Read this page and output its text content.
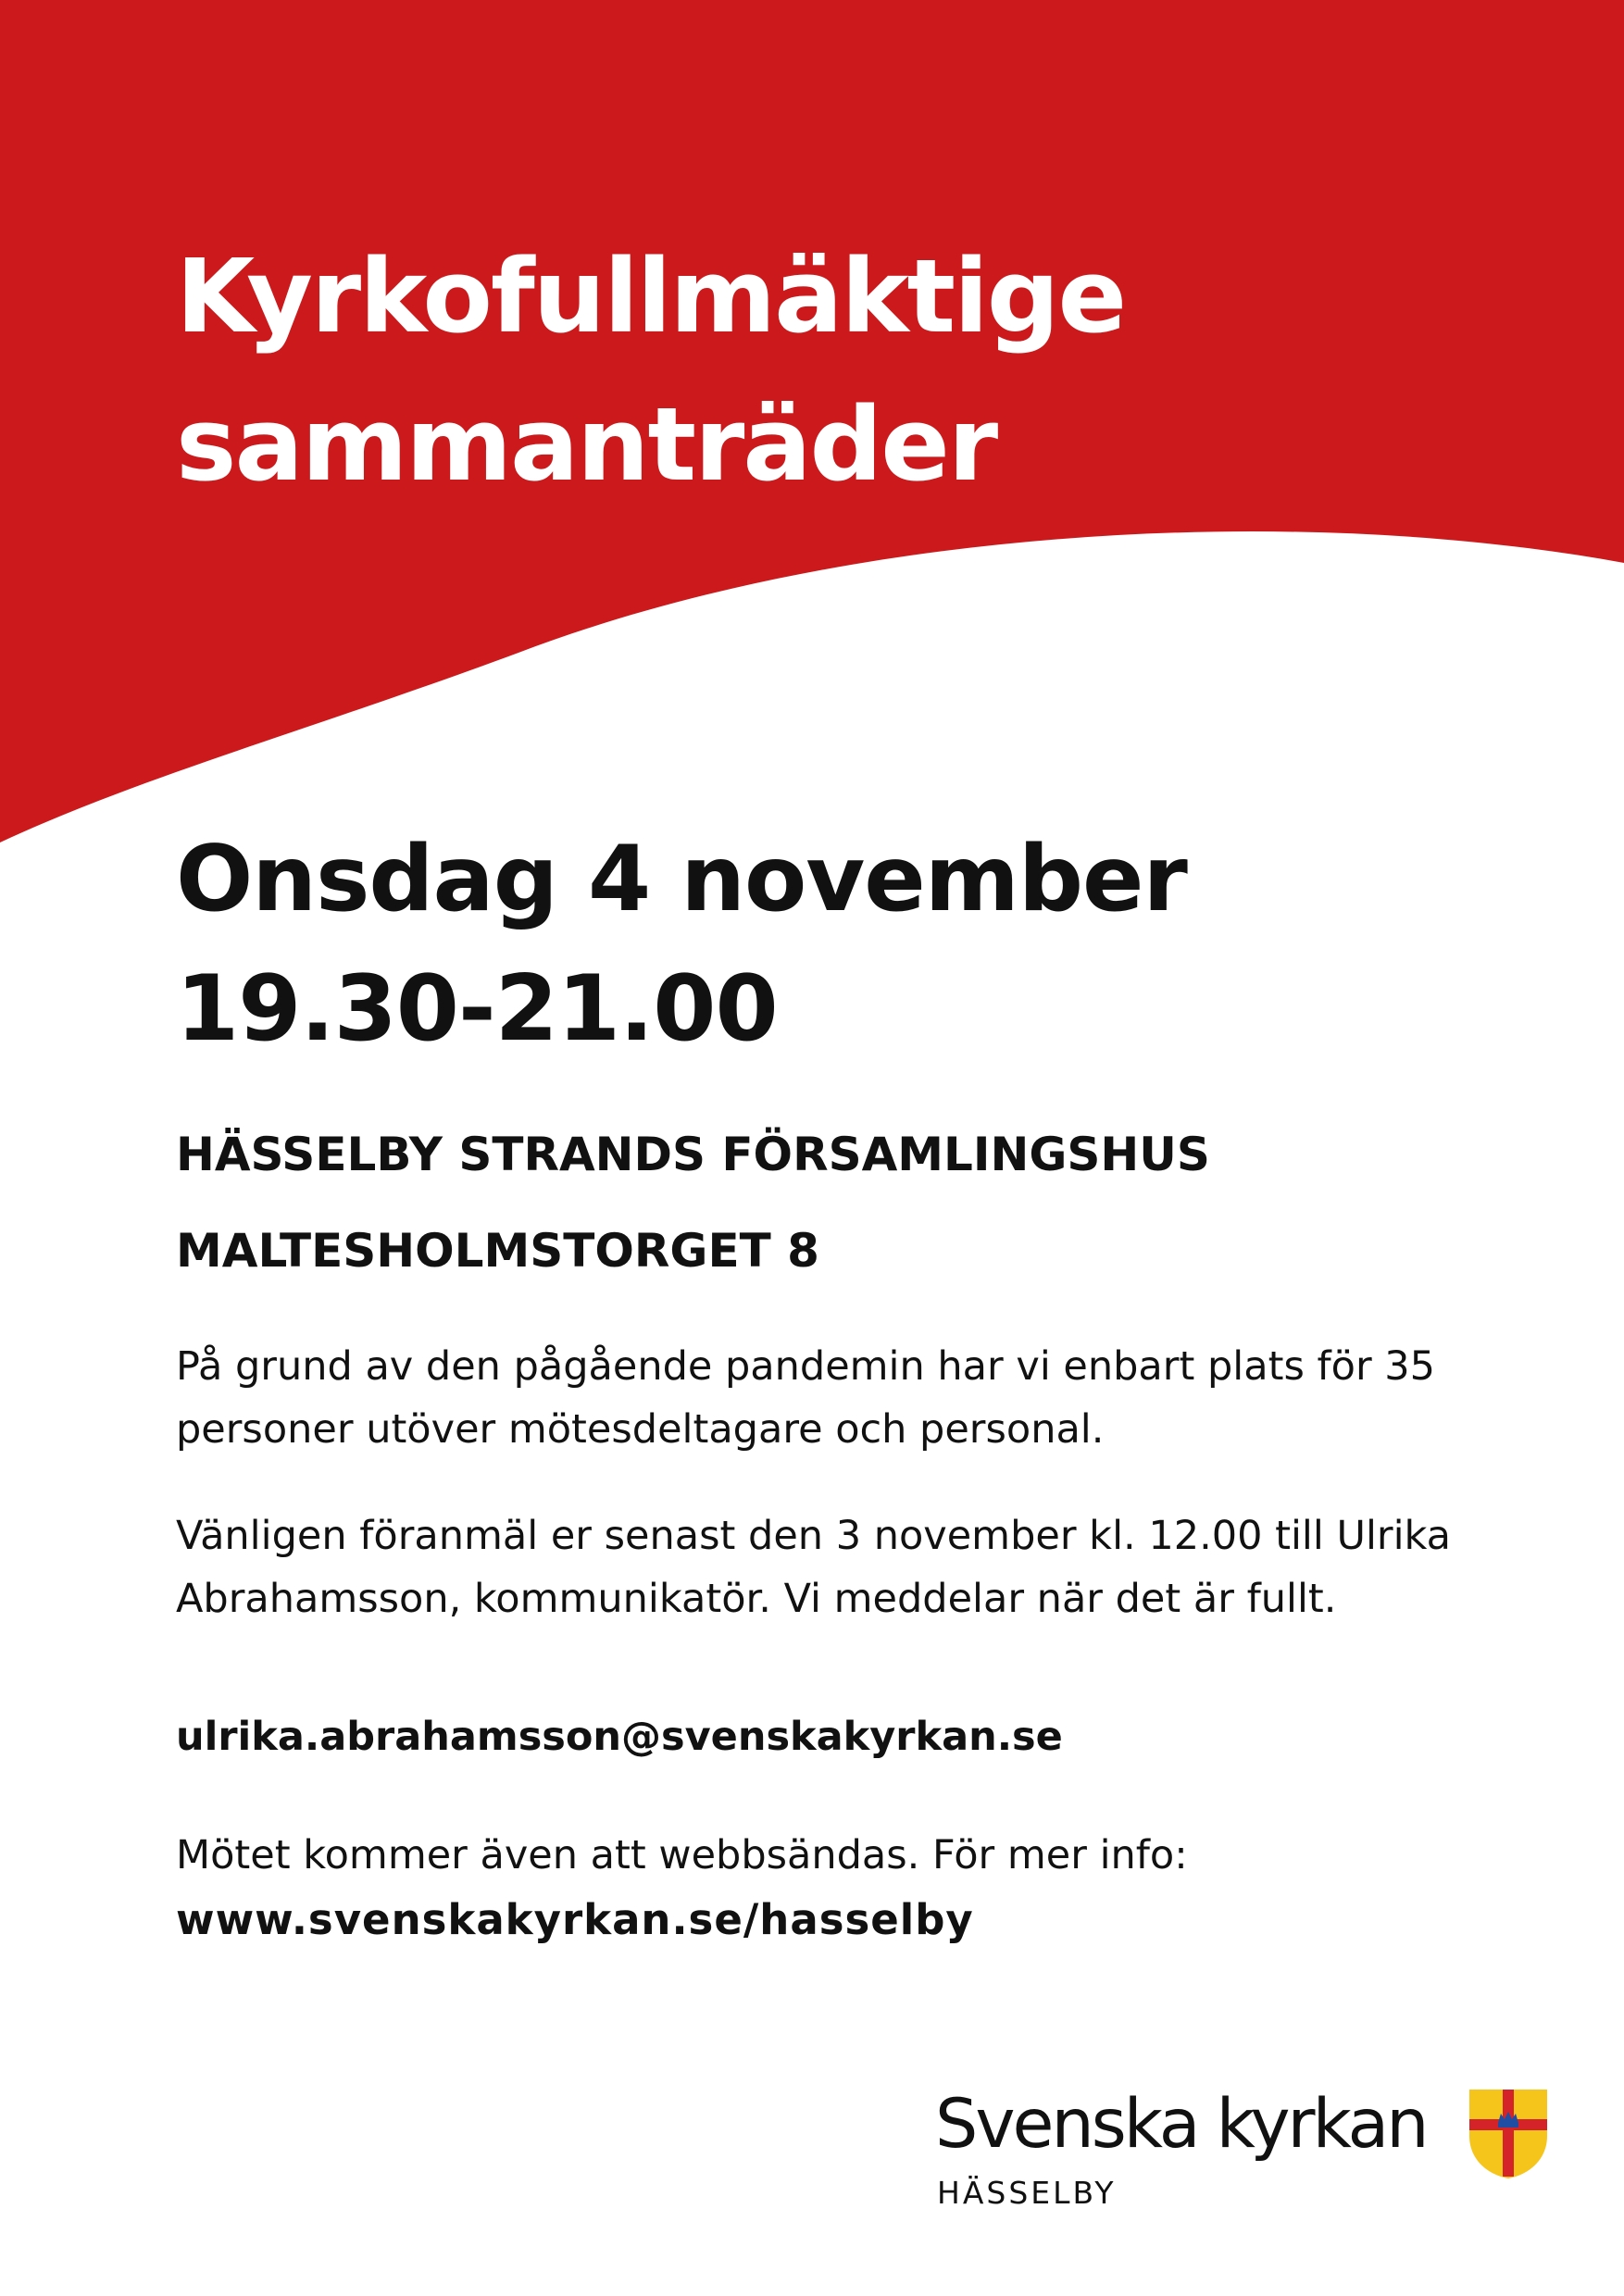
Kyrkofullmäktige
sammanträder
Onsdag 4 november
19.30-21.00
HÄSSELBY STRANDS FÖRSAMLINGSHUS
MALTESHOLMSTORGET 8

På grund av den pågående pandemin har vi enbart plats för 35 personer utöver mötesdeltagare och personal.

Vänligen föranmäl er senast den 3 november kl. 12.00 till Ulrika Abrahamsson, kommunikatör. Vi meddelar när det är fullt.

ulrika.abrahamsson@svenskakyrkan.se

Mötet kommer även att webbsändas. För mer info:

www.svenskakyrkan.se/hasselby
Svenska kyrkan
HÄSSELBY
